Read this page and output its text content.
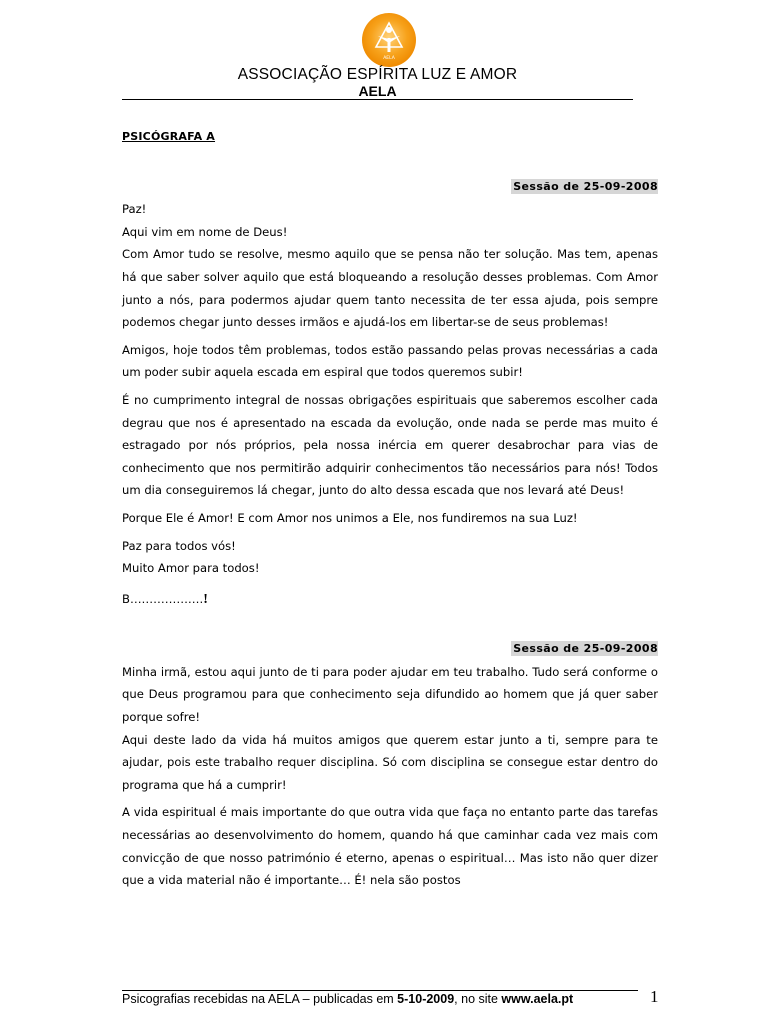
AELA
ASSOCIAÇÃO ESPÍRITA LUZ E AMOR
AELA

PSICÓGRAFA A

Sessão de 25-09-2008

Paz!

Aqui vim em nome de Deus!

Com Amor tudo se resolve, mesmo aquilo que se pensa não ter solução. Mas tem, apenas há que saber solver aquilo que está bloqueando a resolução desses problemas. Com Amor junto a nós, para podermos ajudar quem tanto necessita de ter essa ajuda, pois sempre podemos chegar junto desses irmãos e ajudá-los em libertar-se de seus problemas!

Amigos, hoje todos têm problemas, todos estão passando pelas provas necessárias a cada um poder subir aquela escada em espiral que todos queremos subir!

É no cumprimento integral de nossas obrigações espirituais que saberemos escolher cada degrau que nos é apresentado na escada da evolução, onde nada se perde mas muito é estragado por nós próprios, pela nossa inércia em querer desabrochar para vias de conhecimento que nos permitirão adquirir conhecimentos tão necessários para nós! Todos um dia conseguiremos lá chegar, junto do alto dessa escada que nos levará até Deus!

Porque Ele é Amor! E com Amor nos unimos a Ele, nos fundiremos na sua Luz!

Paz para todos vós!

Muito Amor para todos!

B……………….!

Sessão de 25-09-2008

Minha irmã, estou aqui junto de ti para poder ajudar em teu trabalho. Tudo será conforme o que Deus programou para que conhecimento seja difundido ao homem que já quer saber porque sofre!

Aqui deste lado da vida há muitos amigos que querem estar junto a ti, sempre para te ajudar, pois este trabalho requer disciplina. Só com disciplina se consegue estar dentro do programa que há a cumprir!

A vida espiritual é mais importante do que outra vida que faça no entanto parte das tarefas necessárias ao desenvolvimento do homem, quando há que caminhar cada vez mais com convicção de que nosso património é eterno, apenas o espiritual… Mas isto não quer dizer que a vida material não é importante… É! nela são postos

Psicografias recebidas na AELA – publicadas em 5-10-2009, no site www.aela.pt	1
